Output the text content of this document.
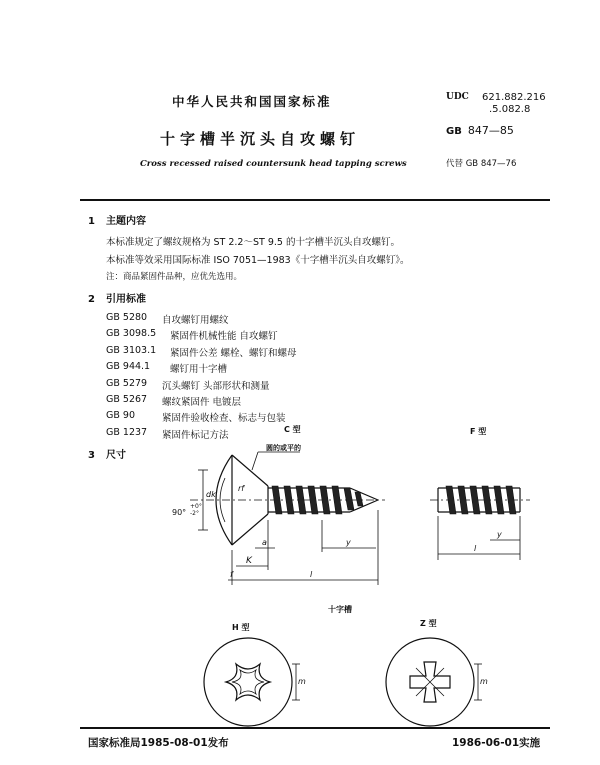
中华人民共和国国家标准
十字槽半沉头自攻螺钉
Cross recessed raised countersunk head tapping screws
UDC 621.882.216
.5.082.8
GB 847—85
代替 GB 847—76
1 主题内容
本标准规定了螺纹规格为 ST 2.2～ST 9.5 的十字槽半沉头自攻螺钉。
本标准等效采用国际标准 ISO 7051—1983《十字槽半沉头自攻螺钉》。
注：商品紧固件品种，应优先选用。
2 引用标准
GB 5280 自攻螺钉用螺纹
GB 3098.5 紧固件机械性能 自攻螺钉
GB 3103.1 紧固件公差 螺栓、螺钉和螺母
GB 944.1 螺钉用十字槽
GB 5279 沉头螺钉 头部形状和测量
GB 5267 螺纹紧固件 电镀层
GB 90	紧固件验收检查、标志与包装
GB 1237 紧固件标记方法
3 尺寸
C 型	F 型
圆的或平的
90°
+0°
-2°
dk
rf
a	y
K
f	l
y
l
十字槽
H 型	Z 型
m	m
国家标准局1985-08-01发布	1986-06-01实施
